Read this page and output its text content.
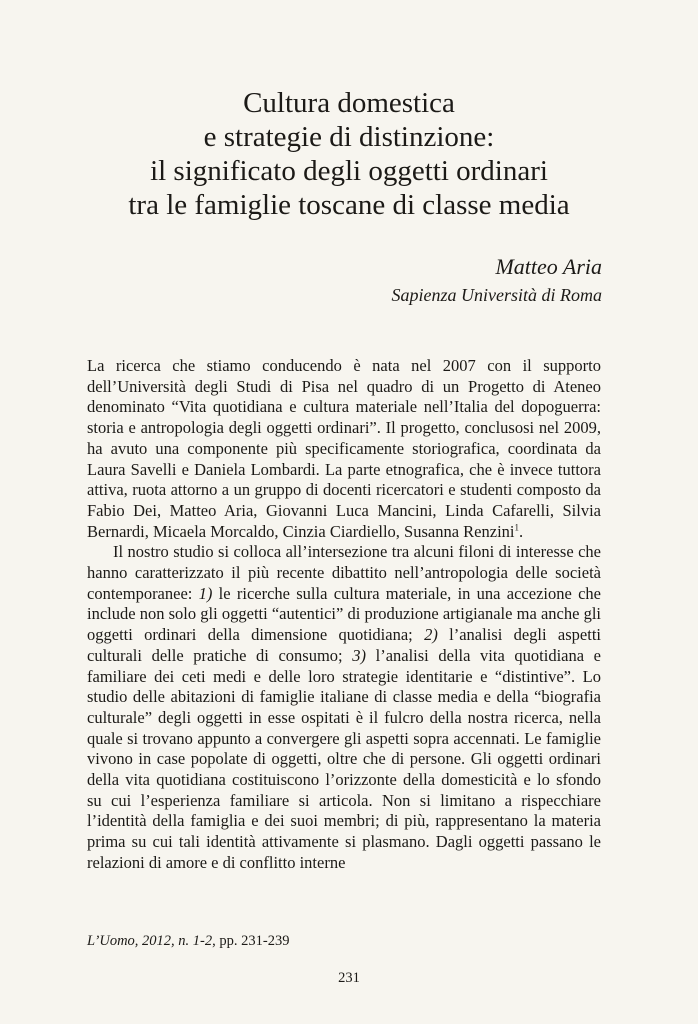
Cultura domestica
e strategie di distinzione:
il significato degli oggetti ordinari
tra le famiglie toscane di classe media
Matteo Aria
Sapienza Università di Roma

La ricerca che stiamo conducendo è nata nel 2007 con il supporto dell’Università degli Studi di Pisa nel quadro di un Progetto di Ateneo denominato “Vita quotidiana e cultura materiale nell’Italia del dopoguerra: storia e antropologia degli oggetti ordinari”. Il progetto, conclusosi nel 2009, ha avuto una componente più specificamente storiografica, coordinata da Laura Savelli e Daniela Lombardi. La parte etnografica, che è invece tuttora attiva, ruota attorno a un gruppo di docenti ricercatori e studenti composto da Fabio Dei, Matteo Aria, Giovanni Luca Mancini, Linda Cafarelli, Silvia Bernardi, Micaela Morcaldo, Cinzia Ciardiello, Susanna Renzini$^1$.

Il nostro studio si colloca all’intersezione tra alcuni filoni di interesse che hanno caratterizzato il più recente dibattito nell’antropologia delle società contemporanee: 1) le ricerche sulla cultura materiale, in una accezione che include non solo gli oggetti “autentici” di produzione artigianale ma anche gli oggetti ordinari della dimensione quotidiana; 2) l’analisi degli aspetti culturali delle pratiche di consumo; 3) l’analisi della vita quotidiana e familiare dei ceti medi e delle loro strategie identitarie e “distintive”. Lo studio delle abitazioni di famiglie italiane di classe media e della “biografia culturale” degli oggetti in esse ospitati è il fulcro della nostra ricerca, nella quale si trovano appunto a convergere gli aspetti sopra accennati. Le famiglie vivono in case popolate di oggetti, oltre che di persone. Gli oggetti ordinari della vita quotidiana costituiscono l’orizzonte della domesticità e lo sfondo su cui l’esperienza familiare si articola. Non si limitano a rispecchiare l’identità della famiglia e dei suoi membri; di più, rappresentano la materia prima su cui tali identità attivamente si plasmano. Dagli oggetti passano le relazioni di amore e di conflitto interne

L’Uomo, 2012, n. 1-2, pp. 231-239
231
